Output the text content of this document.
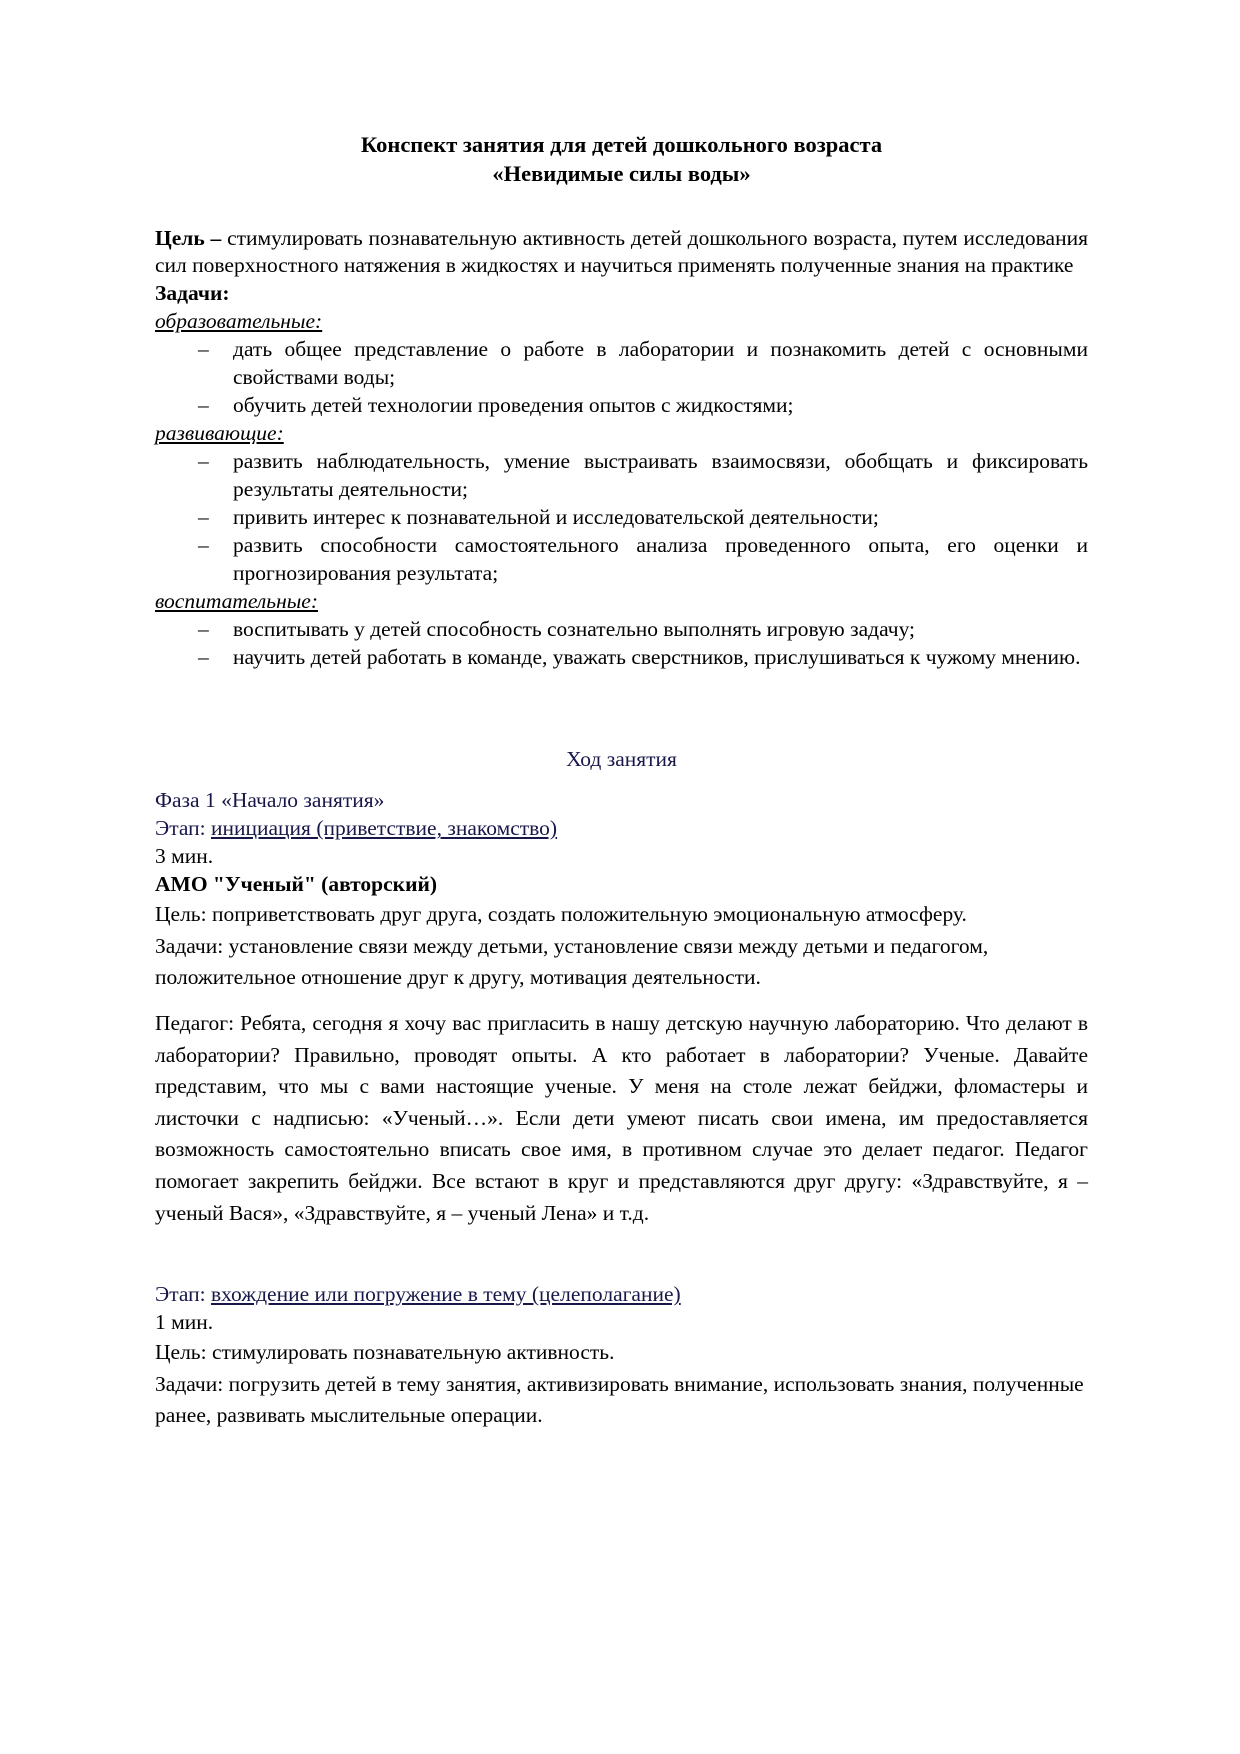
Конспект занятия для детей дошкольного возраста
«Невидимые силы воды»

Цель – стимулировать познавательную активность детей дошкольного возраста, путем исследования сил поверхностного натяжения в жидкостях и научиться применять полученные знания на практике

Задачи:

образовательные:

– дать общее представление о работе в лаборатории и познакомить детей с основными свойствами воды;
– обучить детей технологии проведения опытов с жидкостями;

развивающие:

– развить наблюдательность, умение выстраивать взаимосвязи, обобщать и фиксировать результаты деятельности;
– привить интерес к познавательной и исследовательской деятельности;
– развить способности самостоятельного анализа проведенного опыта, его оценки и прогнозирования результата;

воспитательные:

– воспитывать у детей способность сознательно выполнять игровую задачу;
– научить детей работать в команде, уважать сверстников, прислушиваться к чужому мнению.

Ход занятия

Фаза 1 «Начало занятия»

Этап: инициация (приветствие, знакомство)

3 мин.

АМО "Ученый" (авторский)

Цель: поприветствовать друг друга, создать положительную эмоциональную атмосферу.

Задачи: установление связи между детьми, установление связи между детьми и педагогом, положительное отношение друг к другу, мотивация деятельности.

Педагог: Ребята, сегодня я хочу вас пригласить в нашу детскую научную лабораторию. Что делают в лаборатории? Правильно, проводят опыты. А кто работает в лаборатории? Ученые. Давайте представим, что мы с вами настоящие ученые. У меня на столе лежат бейджи, фломастеры и листочки с надписью: «Ученый…». Если дети умеют писать свои имена, им предоставляется возможность самостоятельно вписать свое имя, в противном случае это делает педагог. Педагог помогает закрепить бейджи. Все встают в круг и представляются друг другу: «Здравствуйте, я – ученый Вася», «Здравствуйте, я – ученый Лена» и т.д.

Этап: вхождение или погружение в тему (целеполагание)

1 мин.

Цель: стимулировать познавательную активность.

Задачи: погрузить детей в тему занятия, активизировать внимание, использовать знания, полученные ранее, развивать мыслительные операции.
